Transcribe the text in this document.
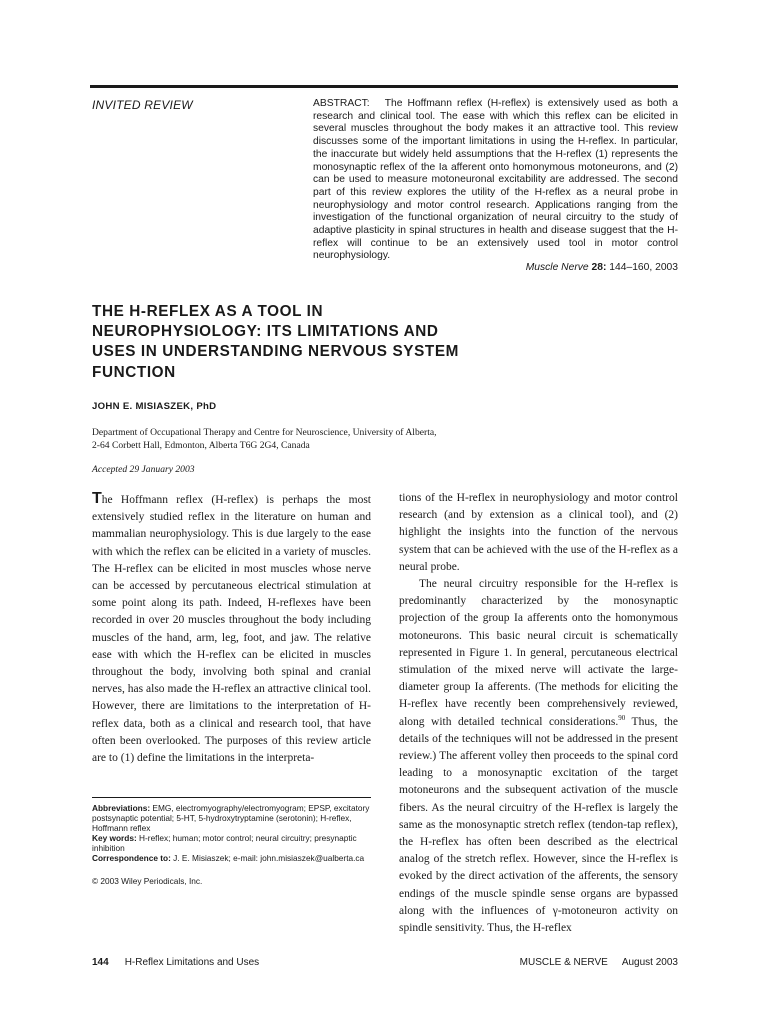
INVITED REVIEW	ABSTRACT: The Hoffmann reflex (H-reflex) is extensively used as both a research and clinical tool. The ease with which this reflex can be elicited in several muscles throughout the body makes it an attractive tool. This review discusses some of the important limitations in using the H-reflex. In particular, the inaccurate but widely held assumptions that the H-reflex (1) represents the monosynaptic reflex of the Ia afferent onto homonymous motoneurons, and (2) can be used to measure motoneuronal excitability are addressed. The second part of this review explores the utility of the H-reflex as a neural probe in neurophysiology and motor control research. Applications ranging from the investigation of the functional organization of neural circuitry to the study of adaptive plasticity in spinal structures in health and disease suggest that the H-reflex will continue to be an extensively used tool in motor control neurophysiology.
Muscle Nerve 28: 144–160, 2003
THE H-REFLEX AS A TOOL IN NEUROPHYSIOLOGY: ITS LIMITATIONS AND USES IN UNDERSTANDING NERVOUS SYSTEM FUNCTION
JOHN E. MISIASZEK, PhD
Department of Occupational Therapy and Centre for Neuroscience, University of Alberta,
2-64 Corbett Hall, Edmonton, Alberta T6G 2G4, Canada
Accepted 29 January 2003

The Hoffmann reflex (H-reflex) is perhaps the most extensively studied reflex in the literature on human and mammalian neurophysiology. This is due largely to the ease with which the reflex can be elicited in a variety of muscles. The H-reflex can be elicited in most muscles whose nerve can be accessed by percutaneous electrical stimulation at some point along its path. Indeed, H-reflexes have been recorded in over 20 muscles throughout the body including muscles of the hand, arm, leg, foot, and jaw. The relative ease with which the H-reflex can be elicited in muscles throughout the body, involving both spinal and cranial nerves, has also made the H-reflex an attractive clinical tool. However, there are limitations to the interpretation of H-reflex data, both as a clinical and research tool, that have often been overlooked. The purposes of this review article are to (1) define the limitations in the interpreta-

tions of the H-reflex in neurophysiology and motor control research (and by extension as a clinical tool), and (2) highlight the insights into the function of the nervous system that can be achieved with the use of the H-reflex as a neural probe.

The neural circuitry responsible for the H-reflex is predominantly characterized by the monosynaptic projection of the group Ia afferents onto the homonymous motoneurons. This basic neural circuit is schematically represented in Figure 1. In general, percutaneous electrical stimulation of the mixed nerve will activate the large-diameter group Ia afferents. (The methods for eliciting the H-reflex have recently been comprehensively reviewed, along with detailed technical considerations.$^{90}$ Thus, the details of the techniques will not be addressed in the present review.) The afferent volley then proceeds to the spinal cord leading to a monosynaptic excitation of the target motoneurons and the subsequent activation of the muscle fibers. As the neural circuitry of the H-reflex is largely the same as the monosynaptic stretch reflex (tendon-tap reflex), the H-reflex has often been described as the electrical analog of the stretch reflex. However, since the H-reflex is evoked by the direct activation of the afferents, the sensory endings of the muscle spindle sense organs are bypassed along with the influences of γ-motoneuron activity on spindle sensitivity. Thus, the H-reflex

Abbreviations: EMG, electromyography/electromyogram; EPSP, excitatory postsynaptic potential; 5-HT, 5-hydroxytryptamine (serotonin); H-reflex, Hoffmann reflex

Key words: H-reflex; human; motor control; neural circuitry; presynaptic inhibition

Correspondence to: J. E. Misiaszek; e-mail: john.misiaszek@ualberta.ca

© 2003 Wiley Periodicals, Inc.
144 H-Reflex Limitations and Uses	MUSCLE & NERVE August 2003
